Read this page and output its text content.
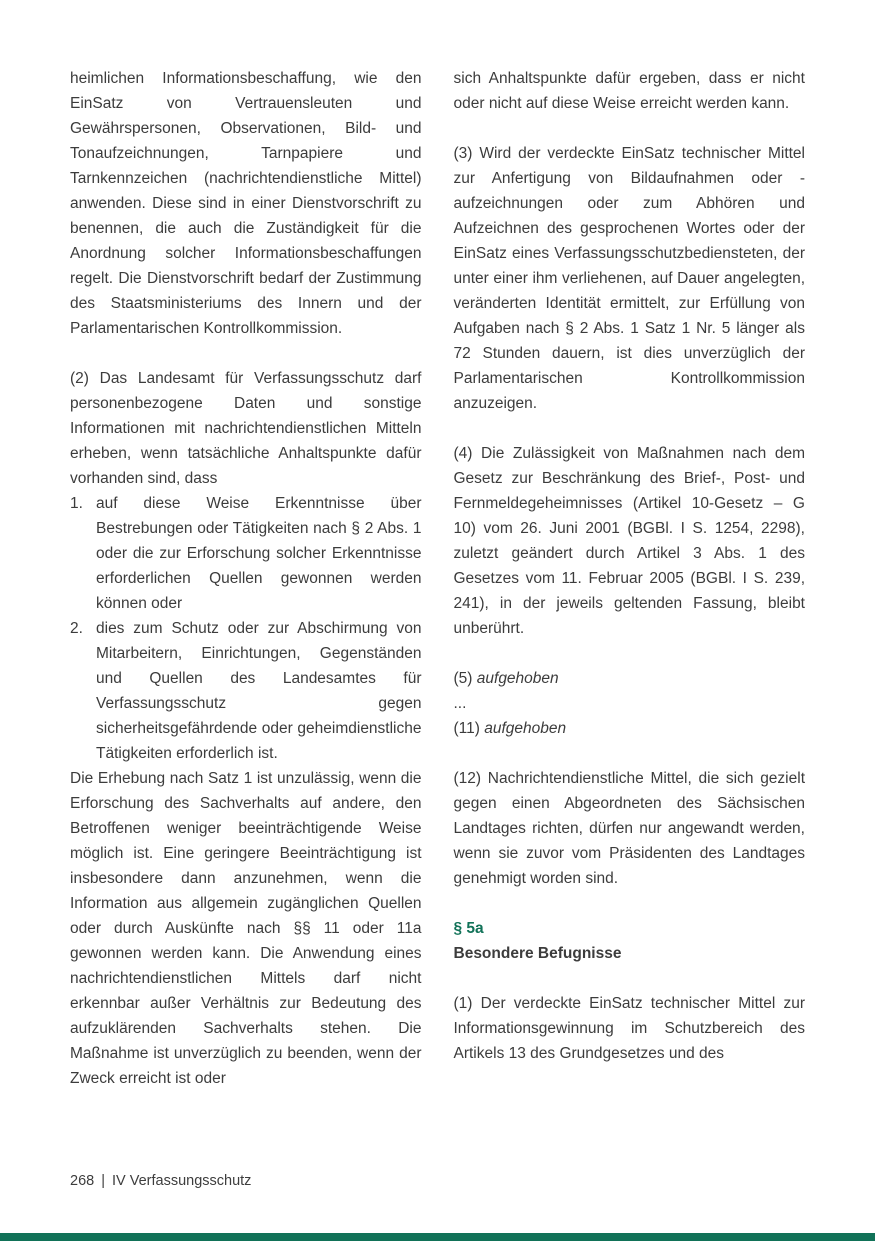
heimlichen Informationsbeschaffung, wie den EinSatz von Vertrauensleuten und Gewährspersonen, Observationen, Bild- und Tonaufzeichnungen, Tarnpapiere und Tarnkennzeichen (nachrichtendienstliche Mittel) anwenden. Diese sind in einer Dienstvorschrift zu benennen, die auch die Zuständigkeit für die Anordnung solcher Informationsbeschaffungen regelt. Die Dienstvorschrift bedarf der Zustimmung des Staatsministeriums des Innern und der Parlamentarischen Kontrollkommission.

(2) Das Landesamt für Verfassungsschutz darf personenbezogene Daten und sonstige Informationen mit nachrichtendienstlichen Mitteln erheben, wenn tatsächliche Anhaltspunkte dafür vorhanden sind, dass

1. auf diese Weise Erkenntnisse über Bestrebungen oder Tätigkeiten nach § 2 Abs. 1 oder die zur Erforschung solcher Erkenntnisse erforderlichen Quellen gewonnen werden können oder
2. dies zum Schutz oder zur Abschirmung von Mitarbeitern, Einrichtungen, Gegenständen und Quellen des Landesamtes für Verfassungsschutz gegen sicherheitsgefährdende oder geheimdienstliche Tätigkeiten erforderlich ist.

Die Erhebung nach Satz 1 ist unzulässig, wenn die Erforschung des Sachverhalts auf andere, den Betroffenen weniger beeinträchtigende Weise möglich ist. Eine geringere Beeinträchtigung ist insbesondere dann anzunehmen, wenn die Information aus allgemein zugänglichen Quellen oder durch Auskünfte nach §§ 11 oder 11a gewonnen werden kann. Die Anwendung eines nachrichtendienstlichen Mittels darf nicht erkennbar außer Verhältnis zur Bedeutung des aufzuklärenden Sachverhalts stehen. Die Maßnahme ist unverzüglich zu beenden, wenn der Zweck erreicht ist oder

sich Anhaltspunkte dafür ergeben, dass er nicht oder nicht auf diese Weise erreicht werden kann.

(3) Wird der verdeckte EinSatz technischer Mittel zur Anfertigung von Bildaufnahmen oder -aufzeichnungen oder zum Abhören und Aufzeichnen des gesprochenen Wortes oder der EinSatz eines Verfassungsschutzbediensteten, der unter einer ihm verliehenen, auf Dauer angelegten, veränderten Identität ermittelt, zur Erfüllung von Aufgaben nach § 2 Abs. 1 Satz 1 Nr. 5 länger als 72 Stunden dauern, ist dies unverzüglich der Parlamentarischen Kontrollkommission anzuzeigen.

(4) Die Zulässigkeit von Maßnahmen nach dem Gesetz zur Beschränkung des Brief-, Post- und Fernmeldegeheimnisses (Artikel 10-Gesetz – G 10) vom 26. Juni 2001 (BGBl. I S. 1254, 2298), zuletzt geändert durch Artikel 3 Abs. 1 des Gesetzes vom 11. Februar 2005 (BGBl. I S. 239, 241), in der jeweils geltenden Fassung, bleibt unberührt.

(5) aufgehoben

...

(11) aufgehoben

(12) Nachrichtendienstliche Mittel, die sich gezielt gegen einen Abgeordneten des Sächsischen Landtages richten, dürfen nur angewandt werden, wenn sie zuvor vom Präsidenten des Landtages genehmigt worden sind.

§ 5a
Besondere Befugnisse

(1) Der verdeckte EinSatz technischer Mittel zur Informationsgewinnung im Schutzbereich des Artikels 13 des Grundgesetzes und des

268 | IV Verfassungsschutz
